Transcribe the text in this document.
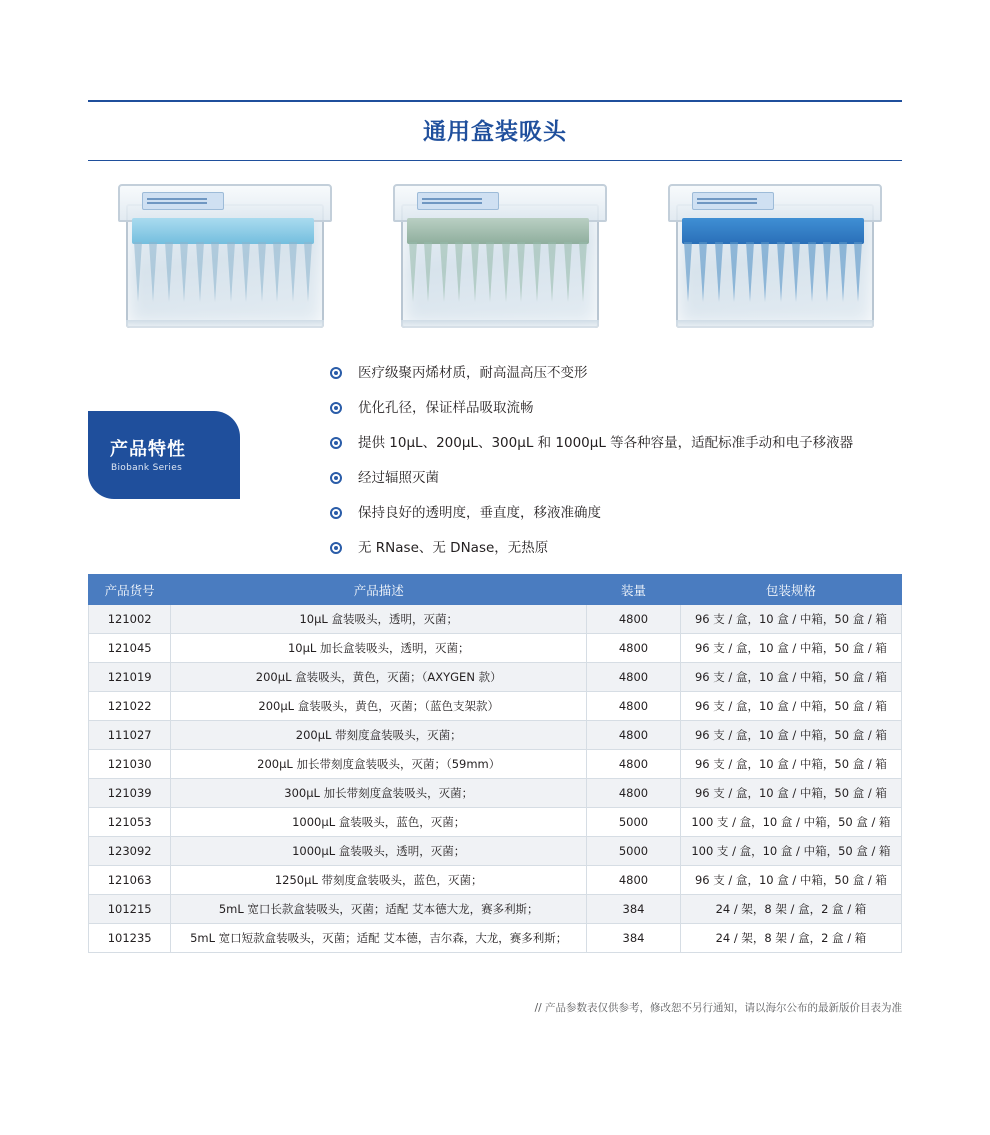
通用盒装吸头
产品特性
Biobank Series
医疗级聚丙烯材质，耐高温高压不变形
优化孔径，保证样品吸取流畅
提供 10µL、200µL、300µL 和 1000µL 等各种容量，适配标准手动和电子移液器
经过辐照灭菌
保持良好的透明度，垂直度，移液准确度
无 RNase、无 DNase，无热原
产品货号	产品描述	装量	包装规格
121002	10µL 盒装吸头，透明，灭菌；	4800	96 支 / 盒，10 盒 / 中箱，50 盒 / 箱
121045	10µL 加长盒装吸头，透明，灭菌；	4800	96 支 / 盒，10 盒 / 中箱，50 盒 / 箱
121019	200µL 盒装吸头，黄色，灭菌；（AXYGEN 款）	4800	96 支 / 盒，10 盒 / 中箱，50 盒 / 箱
121022	200µL 盒装吸头，黄色，灭菌；（蓝色支架款）	4800	96 支 / 盒，10 盒 / 中箱，50 盒 / 箱
111027	200µL 带刻度盒装吸头，灭菌；	4800	96 支 / 盒，10 盒 / 中箱，50 盒 / 箱
121030	200µL 加长带刻度盒装吸头，灭菌；（59mm）	4800	96 支 / 盒，10 盒 / 中箱，50 盒 / 箱
121039	300µL 加长带刻度盒装吸头，灭菌；	4800	96 支 / 盒，10 盒 / 中箱，50 盒 / 箱
121053	1000µL 盒装吸头，蓝色，灭菌；	5000	100 支 / 盒，10 盒 / 中箱，50 盒 / 箱
123092	1000µL 盒装吸头，透明，灭菌；	5000	100 支 / 盒，10 盒 / 中箱，50 盒 / 箱
121063	1250µL 带刻度盒装吸头，蓝色，灭菌；	4800	96 支 / 盒，10 盒 / 中箱，50 盒 / 箱
101215	5mL 宽口长款盒装吸头，灭菌；适配 艾本德大龙，赛多利斯；	384	24 / 架，8 架 / 盒，2 盒 / 箱
101235	5mL 宽口短款盒装吸头，灭菌；适配 艾本德，吉尔森，大龙，赛多利斯；	384	24 / 架，8 架 / 盒，2 盒 / 箱
// 产品参数表仅供参考，修改恕不另行通知，请以海尔公布的最新版价目表为准
